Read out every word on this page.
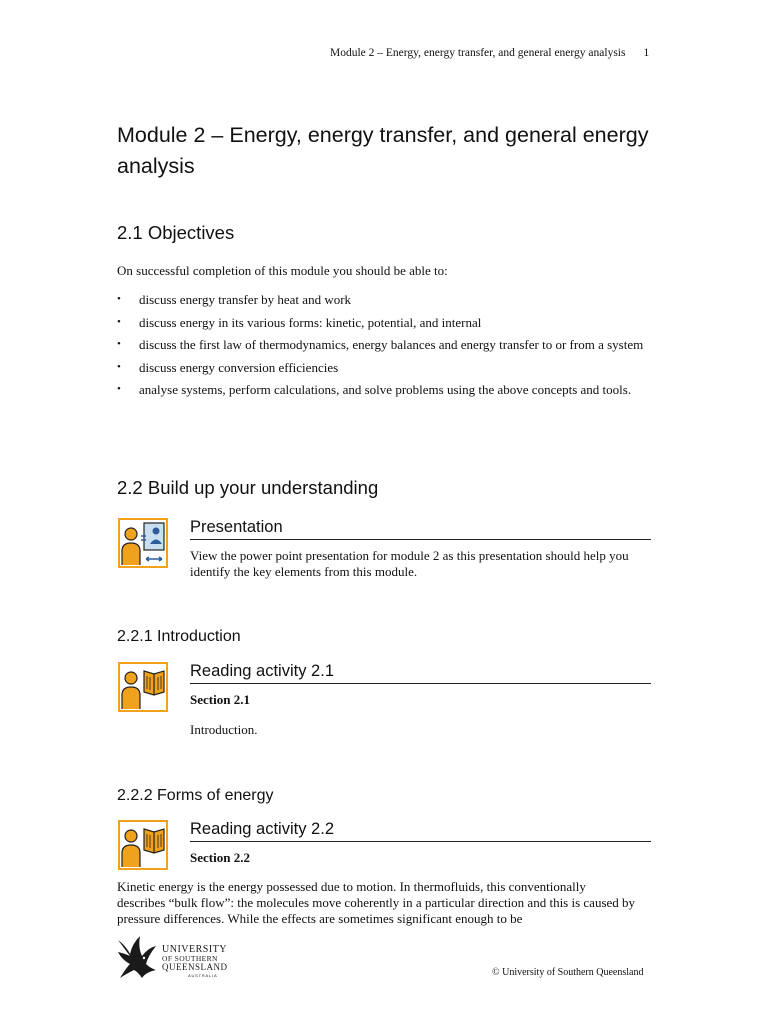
Module 2 – Energy, energy transfer, and general energy analysis 1
Module 2 – Energy, energy transfer, and general energy analysis
2.1 Objectives
On successful completion of this module you should be able to:
• discuss energy transfer by heat and work
• discuss energy in its various forms: kinetic, potential, and internal
• discuss the first law of thermodynamics, energy balances and energy transfer to or from a system
• discuss energy conversion efficiencies
• analyse systems, perform calculations, and solve problems using the above concepts and tools.
2.2 Build up your understanding
Presentation
View the power point presentation for module 2 as this presentation should help you identify the key elements from this module.
2.2.1 Introduction
Reading activity 2.1
Section 2.1
Introduction.
2.2.2 Forms of energy
Reading activity 2.2
Section 2.2
Kinetic energy is the energy possessed due to motion. In thermofluids, this conventionally describes “bulk flow”: the molecules move coherently in a particular direction and this is caused by pressure differences. While the effects are sometimes significant enough to be
UNIVERSITY
OF SOUTHERN
QUEENSLAND
AUSTRALIA	© University of Southern Queensland
